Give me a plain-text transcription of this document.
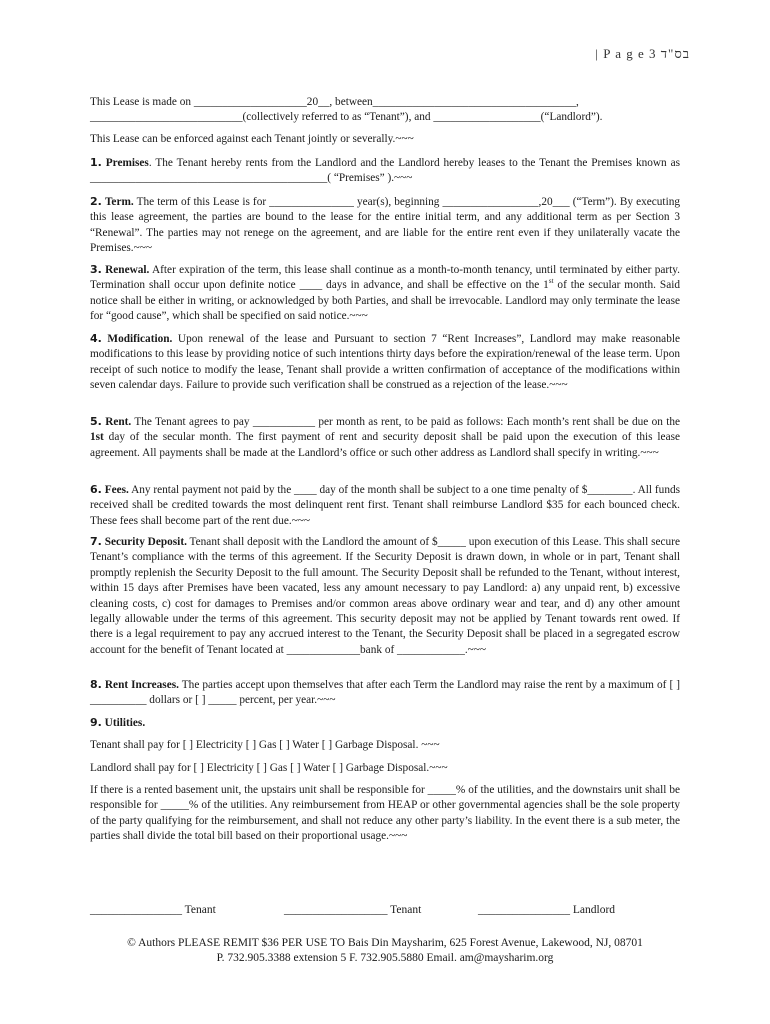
| P a g e 3 בס"ד

This Lease is made on ____________________20__, between____________________________________,

___________________________(collectively referred to as “Tenant”), and ___________________(“Landlord”).

This Lease can be enforced against each Tenant jointly or severally.~~~

1. Premises. The Tenant hereby rents from the Landlord and the Landlord hereby leases to the Tenant the Premises known as __________________________________________( “Premises” ).~~~

2. Term. The term of this Lease is for _______________ year(s), beginning _________________,20___ (“Term”). By executing this lease agreement, the parties are bound to the lease for the entire initial term, and any additional term as per Section 3 “Renewal”. The parties may not renege on the agreement, and are liable for the entire rent even if they unilaterally vacate the Premises.~~~

3. Renewal. After expiration of the term, this lease shall continue as a month-to-month tenancy, until terminated by either party. Termination shall occur upon definite notice ____ days in advance, and shall be effective on the 1st of the secular month. Said notice shall be either in writing, or acknowledged by both Parties, and shall be irrevocable. Landlord may only terminate the lease for “good cause”, which shall be specified on said notice.~~~

4. Modification. Upon renewal of the lease and Pursuant to section 7 “Rent Increases”, Landlord may make reasonable modifications to this lease by providing notice of such intentions thirty days before the expiration/renewal of the lease term. Upon receipt of such notice to modify the lease, Tenant shall provide a written confirmation of acceptance of the modifications within seven calendar days. Failure to provide such verification shall be construed as a rejection of the lease.~~~

5. Rent. The Tenant agrees to pay ___________ per month as rent, to be paid as follows: Each month’s rent shall be due on the 1st day of the secular month. The first payment of rent and security deposit shall be paid upon the execution of this lease agreement. All payments shall be made at the Landlord’s office or such other address as Landlord shall specify in writing.~~~

6. Fees. Any rental payment not paid by the ____ day of the month shall be subject to a one time penalty of $________. All funds received shall be credited towards the most delinquent rent first. Tenant shall reimburse Landlord $35 for each bounced check. These fees shall become part of the rent due.~~~

7. Security Deposit. Tenant shall deposit with the Landlord the amount of $_____ upon execution of this Lease. This shall secure Tenant’s compliance with the terms of this agreement. If the Security Deposit is drawn down, in whole or in part, Tenant shall promptly replenish the Security Deposit to the full amount. The Security Deposit shall be refunded to the Tenant, without interest, within 15 days after Premises have been vacated, less any amount necessary to pay Landlord: a) any unpaid rent, b) excessive cleaning costs, c) cost for damages to Premises and/or common areas above ordinary wear and tear, and d) any other amount legally allowable under the terms of this agreement. This security deposit may not be applied by Tenant towards rent owed. If there is a legal requirement to pay any accrued interest to the Tenant, the Security Deposit shall be placed in a segregated escrow account for the benefit of Tenant located at _____________bank of ____________.~~~

8. Rent Increases. The parties accept upon themselves that after each Term the Landlord may raise the rent by a maximum of [ ] __________ dollars or [ ] _____ percent, per year.~~~

9. Utilities.

Tenant shall pay for [ ] Electricity [ ] Gas [ ] Water [ ] Garbage Disposal. ~~~

Landlord shall pay for [ ] Electricity [ ] Gas [ ] Water [ ] Garbage Disposal.~~~

If there is a rented basement unit, the upstairs unit shall be responsible for _____% of the utilities, and the downstairs unit shall be responsible for _____% of the utilities. Any reimbursement from HEAP or other governmental agencies shall be the sole property of the party qualifying for the reimbursement, and shall not reduce any other party’s liability. In the event there is a sub meter, the parties shall divide the total bill based on their proportional usage.~~~

________________ Tenant	__________________ Tenant	________________ Landlord
© Authors PLEASE REMIT $36 PER USE TO Bais Din Maysharim, 625 Forest Avenue, Lakewood, NJ, 08701
P. 732.905.3388 extension 5 F. 732.905.5880 Email. am@maysharim.org
